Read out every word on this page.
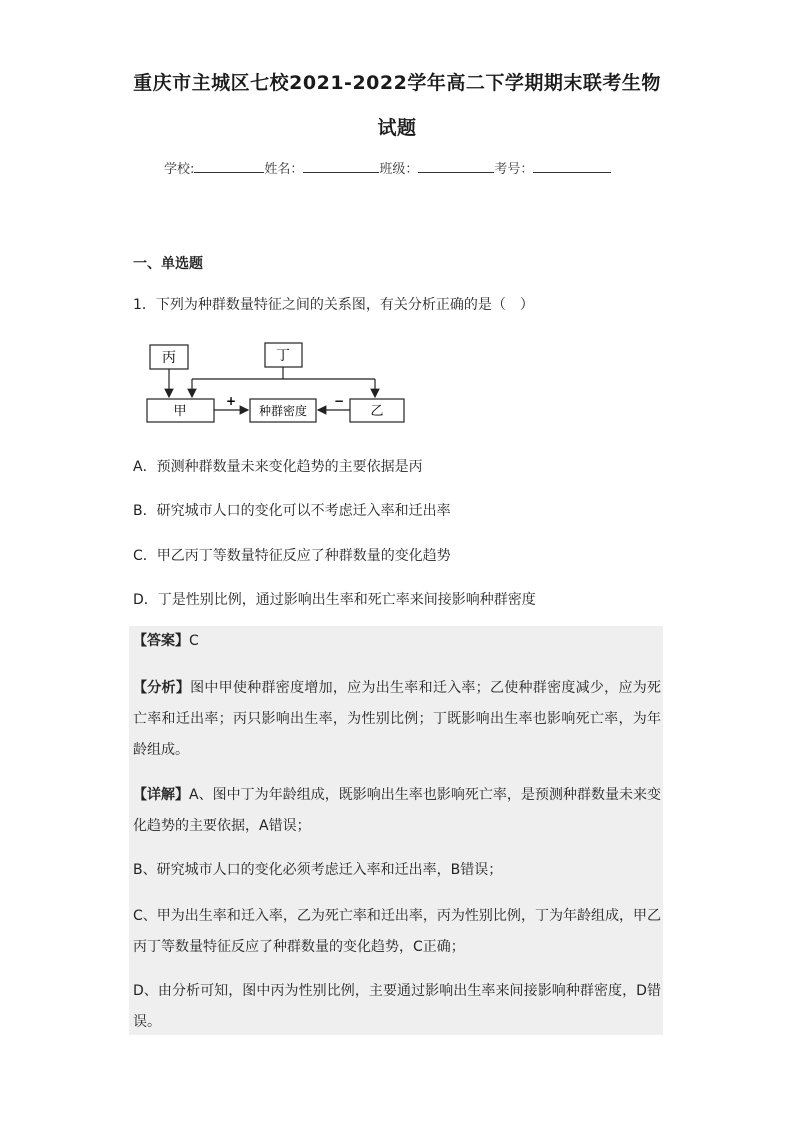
重庆市主城区七校2021-2022学年高二下学期期末联考生物
试题
学校:	姓名：	班级：	考号：
一、单选题
1．下列为种群数量特征之间的关系图，有关分析正确的是（　）
丙	丁
甲	种群密度	乙
+	−
A．预测种群数量未来变化趋势的主要依据是丙
B．研究城市人口的变化可以不考虑迁入率和迁出率
C．甲乙丙丁等数量特征反应了种群数量的变化趋势
D．丁是性别比例，通过影响出生率和死亡率来间接影响种群密度
【答案】C
【分析】图中甲使种群密度增加，应为出生率和迁入率；乙使种群密度减少，应为死亡率和迁出率；丙只影响出生率，为性别比例；丁既影响出生率也影响死亡率，为年龄组成。
【详解】A、图中丁为年龄组成，既影响出生率也影响死亡率，是预测种群数量未来变化趋势的主要依据，A错误；
B、研究城市人口的变化必须考虑迁入率和迁出率，B错误；
C、甲为出生率和迁入率，乙为死亡率和迁出率，丙为性别比例，丁为年龄组成，甲乙丙丁等数量特征反应了种群数量的变化趋势，C正确；
D、由分析可知，图中丙为性别比例，主要通过影响出生率来间接影响种群密度，D错误。
